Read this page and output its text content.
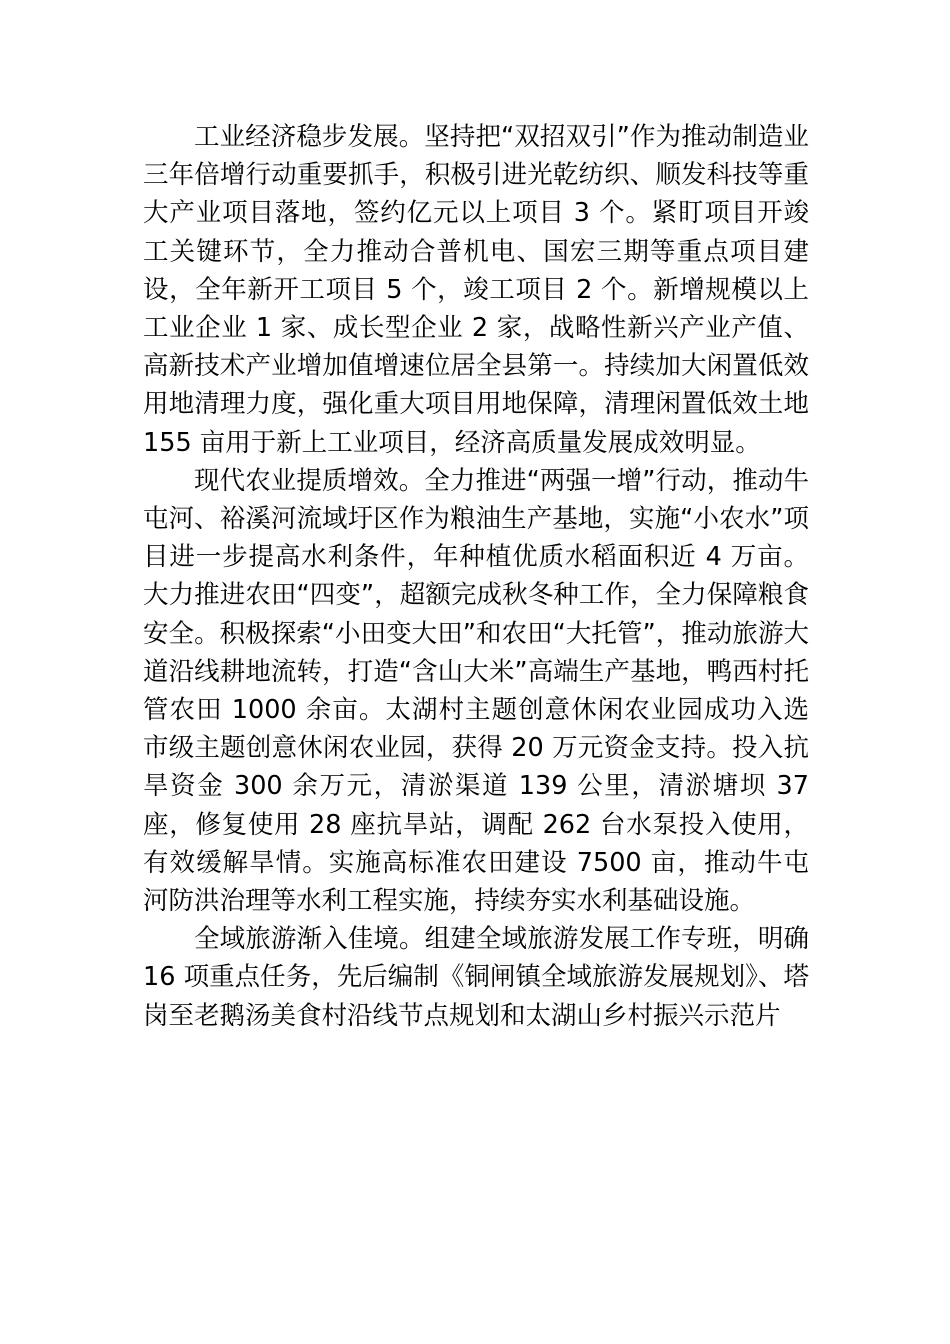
工业经济稳步发展。坚持把“双招双引”作为推动制造业三年倍增行动重要抓手，积极引进光乾纺织、顺发科技等重大产业项目落地，签约亿元以上项目 3 个。紧盯项目开竣工关键环节，全力推动合普机电、国宏三期等重点项目建设，全年新开工项目 5 个，竣工项目 2 个。新增规模以上工业企业 1 家、成长型企业 2 家，战略性新兴产业产值、高新技术产业增加值增速位居全县第一。持续加大闲置低效用地清理力度，强化重大项目用地保障，清理闲置低效土地 155 亩用于新上工业项目，经济高质量发展成效明显。

现代农业提质增效。全力推进“两强一增”行动，推动牛屯河、裕溪河流域圩区作为粮油生产基地，实施“小农水”项目进一步提高水利条件，年种植优质水稻面积近 4 万亩。大力推进农田“四变”，超额完成秋冬种工作，全力保障粮食安全。积极探索“小田变大田”和农田“大托管”，推动旅游大道沿线耕地流转，打造“含山大米”高端生产基地，鸭西村托管农田 1000 余亩。太湖村主题创意休闲农业园成功入选市级主题创意休闲农业园，获得 20 万元资金支持。投入抗旱资金 300 余万元，清淤渠道 139 公里，清淤塘坝 37 座，修复使用 28 座抗旱站，调配 262 台水泵投入使用，有效缓解旱情。实施高标准农田建设 7500 亩，推动牛屯河防洪治理等水利工程实施，持续夯实水利基础设施。

全域旅游渐入佳境。组建全域旅游发展工作专班，明确 16 项重点任务，先后编制《铜闸镇全域旅游发展规划》、塔岗至老鹅汤美食村沿线节点规划和太湖山乡村振兴示范片
